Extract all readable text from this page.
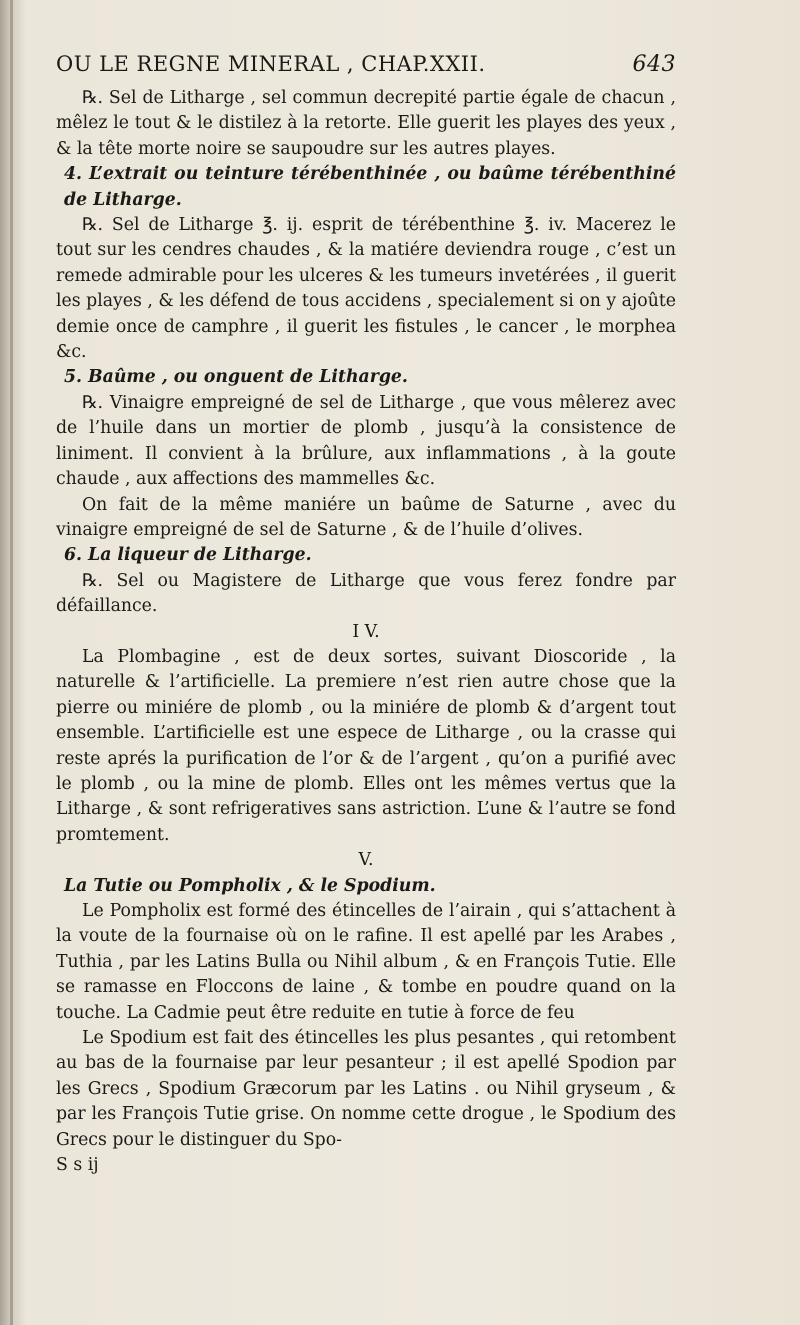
OU LE REGNE MINERAL , CHAP.XXII.	643

℞. Sel de Litharge , sel commun decrepité partie égale de chacun , mêlez le tout & le distilez à la retorte. Elle guerit les playes des yeux , & la tête morte noire se saupoudre sur les autres playes.

4. L’extrait ou teinture térébenthinée , ou baûme térébenthiné de Litharge.

℞. Sel de Litharge ℥. ij. esprit de térébenthine ℥. iv. Macerez le tout sur les cendres chaudes , & la matiére deviendra rouge , c’est un remede admirable pour les ulceres & les tumeurs invetérées , il guerit les playes , & les défend de tous accidens , specialement si on y ajoûte demie once de camphre , il guerit les fistules , le cancer , le morphea &c.

5. Baûme , ou onguent de Litharge.

℞. Vinaigre empreigné de sel de Litharge , que vous mêlerez avec de l’huile dans un mortier de plomb , jusqu’à la consistence de liniment. Il convient à la brûlure, aux inflammations , à la goute chaude , aux affections des mammelles &c.

On fait de la même maniére un baûme de Saturne , avec du vinaigre empreigné de sel de Saturne , & de l’huile d’olives.

6. La liqueur de Litharge.

℞. Sel ou Magistere de Litharge que vous ferez fondre par défaillance.

I V.

La Plombagine , est de deux sortes, suivant Dioscoride , la naturelle & l’artificielle. La premiere n’est rien autre chose que la pierre ou miniére de plomb , ou la miniére de plomb & d’argent tout ensemble. L’artificielle est une espece de Litharge , ou la crasse qui reste aprés la purification de l’or & de l’argent , qu’on a purifié avec le plomb , ou la mine de plomb. Elles ont les mêmes vertus que la Litharge , & sont refrigeratives sans astriction. L’une & l’autre se fond promtement.

V.

La Tutie ou Pompholix , & le Spodium.

Le Pompholix est formé des étincelles de l’airain , qui s’attachent à la voute de la fournaise où on le rafine. Il est apellé par les Arabes , Tuthia , par les Latins Bulla ou Nihil album , & en François Tutie. Elle se ramasse en Floccons de laine , & tombe en poudre quand on la touche. La Cadmie peut être reduite en tutie à force de feu

Le Spodium est fait des étincelles les plus pesantes , qui retombent au bas de la fournaise par leur pesanteur ; il est apellé Spodion par les Grecs , Spodium Græcorum par les Latins . ou Nihil gryseum , & par les François Tutie grise. On nomme cette drogue , le Spodium des Grecs pour le distinguer du Spo-

S s ij
